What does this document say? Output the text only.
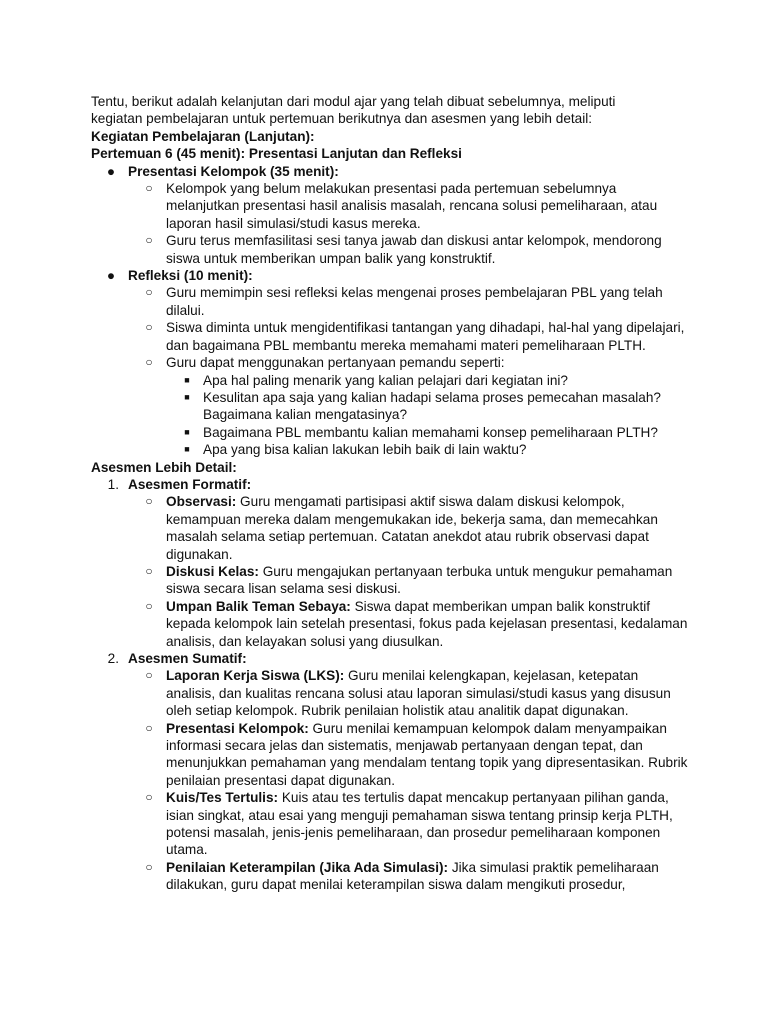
Tentu, berikut adalah kelanjutan dari modul ajar yang telah dibuat sebelumnya, meliputi kegiatan pembelajaran untuk pertemuan berikutnya dan asesmen yang lebih detail:

Kegiatan Pembelajaran (Lanjutan):

Pertemuan 6 (45 menit): Presentasi Lanjutan dan Refleksi

● Presentasi Kelompok (35 menit):
○ Kelompok yang belum melakukan presentasi pada pertemuan sebelumnya melanjutkan presentasi hasil analisis masalah, rencana solusi pemeliharaan, atau laporan hasil simulasi/studi kasus mereka.
○ Guru terus memfasilitasi sesi tanya jawab dan diskusi antar kelompok, mendorong siswa untuk memberikan umpan balik yang konstruktif.
● Refleksi (10 menit):
○ Guru memimpin sesi refleksi kelas mengenai proses pembelajaran PBL yang telah dilalui.
○ Siswa diminta untuk mengidentifikasi tantangan yang dihadapi, hal-hal yang dipelajari, dan bagaimana PBL membantu mereka memahami materi pemeliharaan PLTH.
○ Guru dapat menggunakan pertanyaan pemandu seperti:
■ Apa hal paling menarik yang kalian pelajari dari kegiatan ini?
■ Kesulitan apa saja yang kalian hadapi selama proses pemecahan masalah? Bagaimana kalian mengatasinya?
■ Bagaimana PBL membantu kalian memahami konsep pemeliharaan PLTH?
■ Apa yang bisa kalian lakukan lebih baik di lain waktu?

Asesmen Lebih Detail:

1. Asesmen Formatif:
○ Observasi: Guru mengamati partisipasi aktif siswa dalam diskusi kelompok, kemampuan mereka dalam mengemukakan ide, bekerja sama, dan memecahkan masalah selama setiap pertemuan. Catatan anekdot atau rubrik observasi dapat digunakan.
○ Diskusi Kelas: Guru mengajukan pertanyaan terbuka untuk mengukur pemahaman siswa secara lisan selama sesi diskusi.
○ Umpan Balik Teman Sebaya: Siswa dapat memberikan umpan balik konstruktif kepada kelompok lain setelah presentasi, fokus pada kejelasan presentasi, kedalaman analisis, dan kelayakan solusi yang diusulkan.
2. Asesmen Sumatif:
○ Laporan Kerja Siswa (LKS): Guru menilai kelengkapan, kejelasan, ketepatan analisis, dan kualitas rencana solusi atau laporan simulasi/studi kasus yang disusun oleh setiap kelompok. Rubrik penilaian holistik atau analitik dapat digunakan.
○ Presentasi Kelompok: Guru menilai kemampuan kelompok dalam menyampaikan informasi secara jelas dan sistematis, menjawab pertanyaan dengan tepat, dan menunjukkan pemahaman yang mendalam tentang topik yang dipresentasikan. Rubrik penilaian presentasi dapat digunakan.
○ Kuis/Tes Tertulis: Kuis atau tes tertulis dapat mencakup pertanyaan pilihan ganda, isian singkat, atau esai yang menguji pemahaman siswa tentang prinsip kerja PLTH, potensi masalah, jenis-jenis pemeliharaan, dan prosedur pemeliharaan komponen utama.
○ Penilaian Keterampilan (Jika Ada Simulasi): Jika simulasi praktik pemeliharaan dilakukan, guru dapat menilai keterampilan siswa dalam mengikuti prosedur,
